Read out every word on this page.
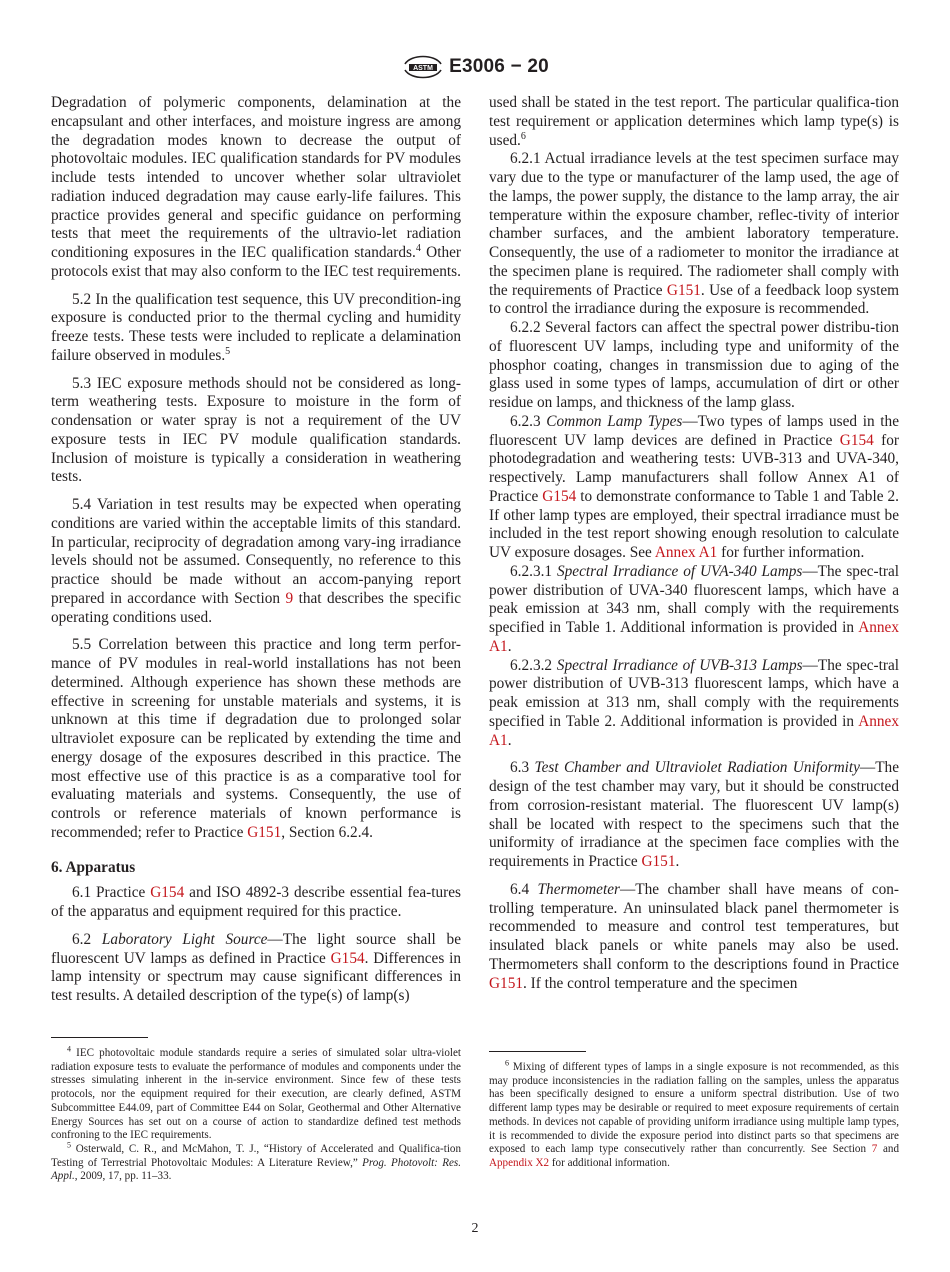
ASTM E3006 − 20

Degradation of polymeric components, delamination at the encapsulant and other interfaces, and moisture ingress are among the degradation modes known to decrease the output of photovoltaic modules. IEC qualification standards for PV modules include tests intended to uncover whether solar ultraviolet radiation induced degradation may cause early-life failures. This practice provides general and specific guidance on performing tests that meet the requirements of the ultravio-let radiation conditioning exposures in the IEC qualification standards.$^4$ Other protocols exist that may also conform to the IEC test requirements.

5.2 In the qualification test sequence, this UV precondition-ing exposure is conducted prior to the thermal cycling and humidity freeze tests. These tests were included to replicate a delamination failure observed in modules.$^5$

5.3 IEC exposure methods should not be considered as long-term weathering tests. Exposure to moisture in the form of condensation or water spray is not a requirement of the UV exposure tests in IEC PV module qualification standards. Inclusion of moisture is typically a consideration in weathering tests.

5.4 Variation in test results may be expected when operating conditions are varied within the acceptable limits of this standard. In particular, reciprocity of degradation among vary-ing irradiance levels should not be assumed. Consequently, no reference to this practice should be made without an accom-panying report prepared in accordance with Section 9 that describes the specific operating conditions used.

5.5 Correlation between this practice and long term perfor-mance of PV modules in real-world installations has not been determined. Although experience has shown these methods are effective in screening for unstable materials and systems, it is unknown at this time if degradation due to prolonged solar ultraviolet exposure can be replicated by extending the time and energy dosage of the exposures described in this practice. The most effective use of this practice is as a comparative tool for evaluating materials and systems. Consequently, the use of controls or reference materials of known performance is recommended; refer to Practice G151, Section 6.2.4.

6. Apparatus

6.1 Practice G154 and ISO 4892-3 describe essential fea-tures of the apparatus and equipment required for this practice.

6.2 Laboratory Light Source—The light source shall be fluorescent UV lamps as defined in Practice G154. Differences in lamp intensity or spectrum may cause significant differences in test results. A detailed description of the type(s) of lamp(s)

used shall be stated in the test report. The particular qualifica-tion test requirement or application determines which lamp type(s) is used.$^6$

6.2.1 Actual irradiance levels at the test specimen surface may vary due to the type or manufacturer of the lamp used, the age of the lamps, the power supply, the distance to the lamp array, the air temperature within the exposure chamber, reflec-tivity of interior chamber surfaces, and the ambient laboratory temperature. Consequently, the use of a radiometer to monitor the irradiance at the specimen plane is required. The radiometer shall comply with the requirements of Practice G151. Use of a feedback loop system to control the irradiance during the exposure is recommended.

6.2.2 Several factors can affect the spectral power distribu-tion of fluorescent UV lamps, including type and uniformity of the phosphor coating, changes in transmission due to aging of the glass used in some types of lamps, accumulation of dirt or other residue on lamps, and thickness of the lamp glass.

6.2.3 Common Lamp Types—Two types of lamps used in the fluorescent UV lamp devices are defined in Practice G154 for photodegradation and weathering tests: UVB-313 and UVA-340, respectively. Lamp manufacturers shall follow Annex A1 of Practice G154 to demonstrate conformance to Table 1 and Table 2. If other lamp types are employed, their spectral irradiance must be included in the test report showing enough resolution to calculate UV exposure dosages. See Annex A1 for further information.

6.2.3.1 Spectral Irradiance of UVA-340 Lamps—The spec-tral power distribution of UVA-340 fluorescent lamps, which have a peak emission at 343 nm, shall comply with the requirements specified in Table 1. Additional information is provided in Annex A1.

6.2.3.2 Spectral Irradiance of UVB-313 Lamps—The spec-tral power distribution of UVB-313 fluorescent lamps, which have a peak emission at 313 nm, shall comply with the requirements specified in Table 2. Additional information is provided in Annex A1.

6.3 Test Chamber and Ultraviolet Radiation Uniformity—The design of the test chamber may vary, but it should be constructed from corrosion-resistant material. The fluorescent UV lamp(s) shall be located with respect to the specimens such that the uniformity of irradiance at the specimen face complies with the requirements in Practice G151.

6.4 Thermometer—The chamber shall have means of con-trolling temperature. An uninsulated black panel thermometer is recommended to measure and control test temperatures, but insulated black panels or white panels may also be used. Thermometers shall conform to the descriptions found in Practice G151. If the control temperature and the specimen

$^4$ IEC photovoltaic module standards require a series of simulated solar ultra-violet radiation exposure tests to evaluate the performance of modules and components under the stresses simulating inherent in the in-service environment. Since few of these tests protocols, nor the equipment required for their execution, are clearly defined, ASTM Subcommittee E44.09, part of Committee E44 on Solar, Geothermal and Other Alternative Energy Sources has set out on a course of action to standardize defined test methods confroning to the IEC requirements.

$^5$ Osterwald, C. R., and McMahon, T. J., “History of Accelerated and Qualifica-tion Testing of Terrestrial Photovoltaic Modules: A Literature Review,” Prog. Photovolt: Res. Appl., 2009, 17, pp. 11–33.

$^6$ Mixing of different types of lamps in a single exposure is not recommended, as this may produce inconsistencies in the radiation falling on the samples, unless the apparatus has been specifically designed to ensure a uniform spectral distribution. Use of two different lamp types may be desirable or required to meet exposure requirements of certain methods. In devices not capable of providing uniform irradiance using multiple lamp types, it is recommended to divide the exposure period into distinct parts so that specimens are exposed to each lamp type consecutively rather than concurrently. See Section 7 and Appendix X2 for additional information.

2
